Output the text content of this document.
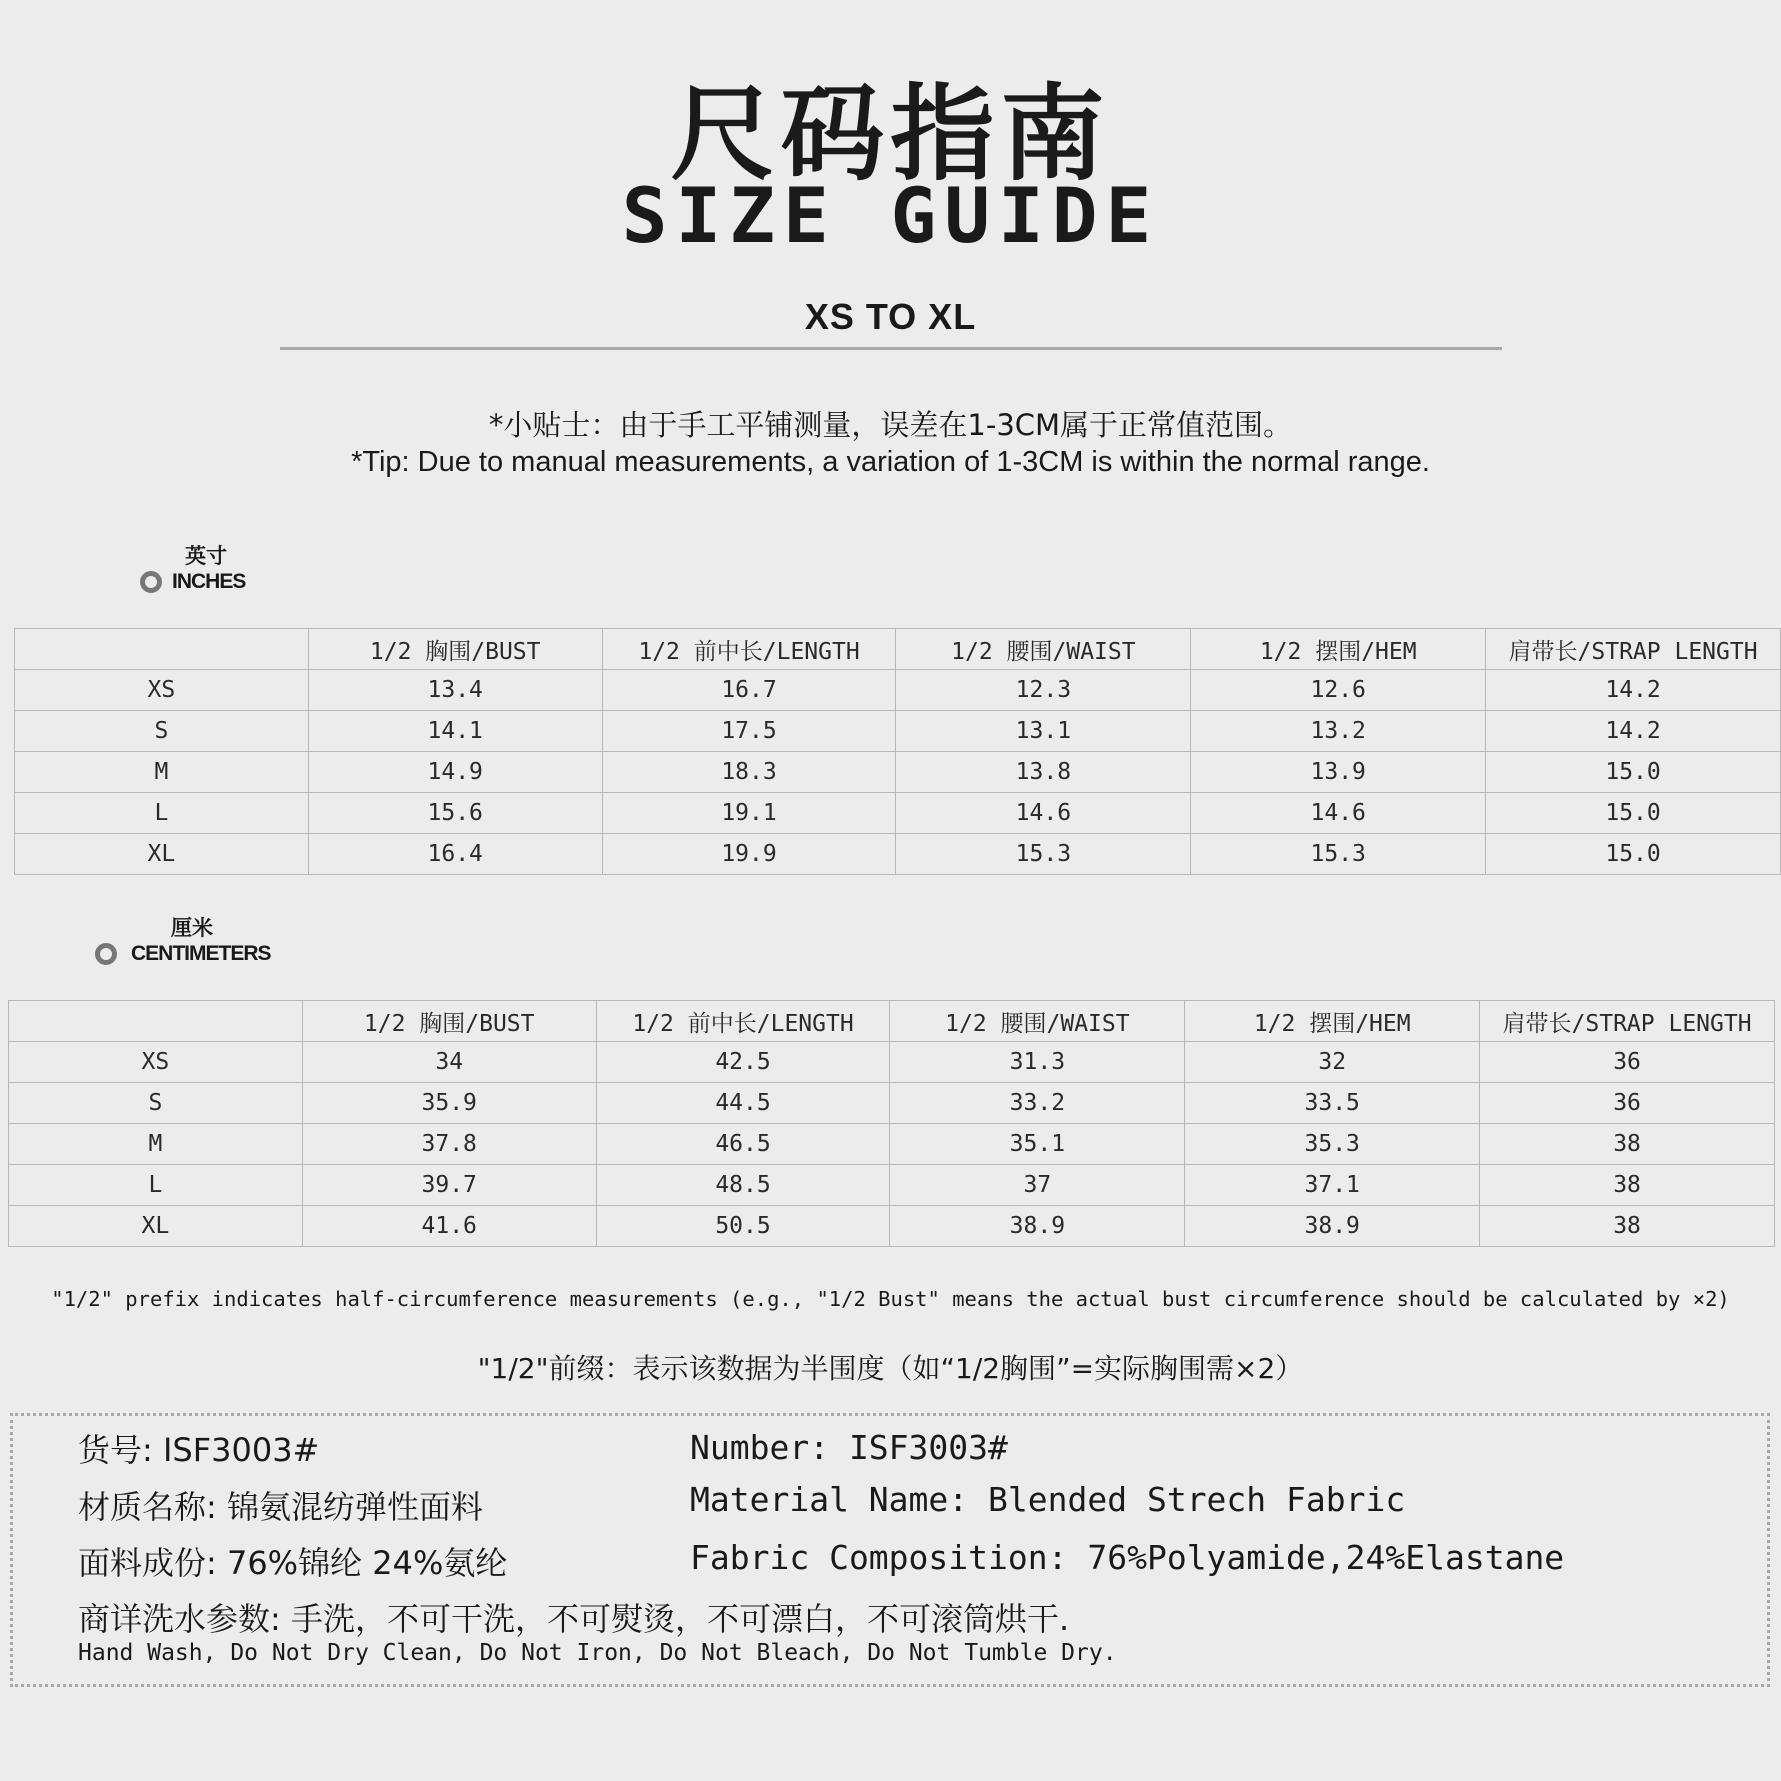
尺码指南
SIZE GUIDE
XS TO XL
*小贴士：由于手工平铺测量，误差在1-3CM属于正常值范围。
*Tip: Due to manual measurements, a variation of 1-3CM is within the normal range.
英寸
INCHES
	1/2 胸围/BUST	1/2 前中长/LENGTH	1/2 腰围/WAIST	1/2 摆围/HEM	肩带长/STRAP LENGTH
XS	13.4	16.7	12.3	12.6	14.2
S	14.1	17.5	13.1	13.2	14.2
M	14.9	18.3	13.8	13.9	15.0
L	15.6	19.1	14.6	14.6	15.0
XL	16.4	19.9	15.3	15.3	15.0
厘米
CENTIMETERS
	1/2 胸围/BUST	1/2 前中长/LENGTH	1/2 腰围/WAIST	1/2 摆围/HEM	肩带长/STRAP LENGTH
XS	34	42.5	31.3	32	36
S	35.9	44.5	33.2	33.5	36
M	37.8	46.5	35.1	35.3	38
L	39.7	48.5	37	37.1	38
XL	41.6	50.5	38.9	38.9	38
"1/2" prefix indicates half-circumference measurements (e.g., "1/2 Bust" means the actual bust circumference should be calculated by ×2)
"1/2"前缀：表示该数据为半围度（如“1/2胸围”=实际胸围需×2）
货号: ISF3003#
材质名称: 锦氨混纺弹性面料
面料成份: 76%锦纶 24%氨纶
Number: ISF3003#
Material Name: Blended Strech Fabric
Fabric Composition: 76%Polyamide,24%Elastane
商详洗水参数: 手洗，不可干洗，不可熨烫，不可漂白，不可滚筒烘干.
Hand Wash, Do Not Dry Clean, Do Not Iron, Do Not Bleach, Do Not Tumble Dry.
